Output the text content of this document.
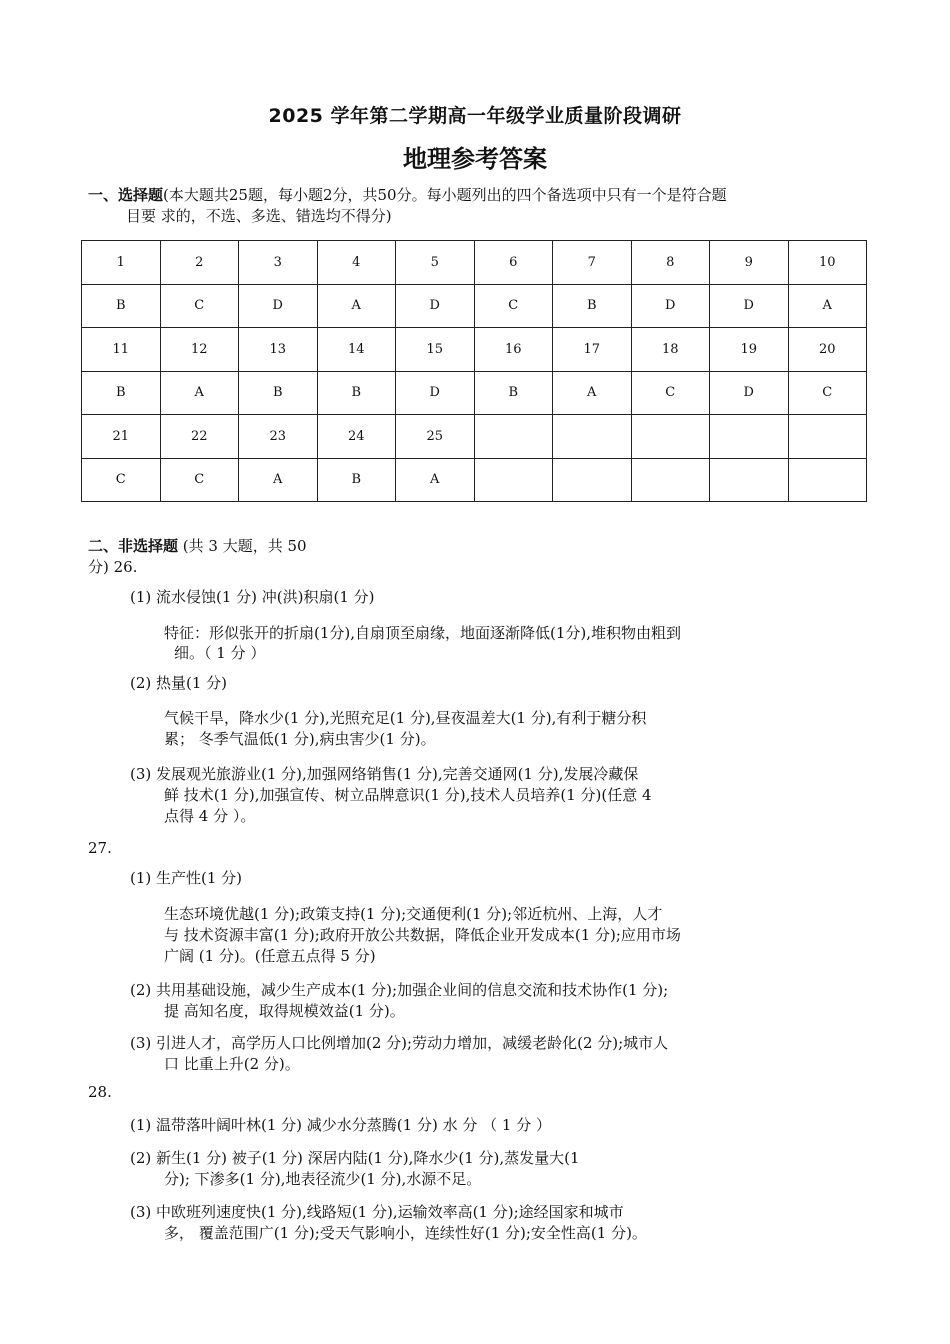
2025 学年第二学期高一年级学业质量阶段调研
地理参考答案
一、选择题(本大题共25题，每小题2分，共50分。每小题列出的四个备选项中只有一个是符合题
目要 求的，不选、多选、错选均不得分)
1	2	3	4	5	6	7	8	9	10
B	C	D	A	D	C	B	D	D	A
11	12	13	14	15	16	17	18	19	20
B	A	B	B	D	B	A	C	D	C
21	22	23	24	25					
C	C	A	B	A					
二、非选择题 (共 3 大题，共 50
分) 26.
(1) 流水侵蚀(1 分) 冲(洪)积扇(1 分)
特征：形似张开的折扇(1分),自扇顶至扇缘，地面逐渐降低(1分),堆积物由粗到
细。（ 1 分 ）
(2) 热量(1 分)
气候干旱，降水少(1 分),光照充足(1 分),昼夜温差大(1 分),有利于糖分积
累； 冬季气温低(1 分),病虫害少(1 分)。
(3) 发展观光旅游业(1 分),加强网络销售(1 分),完善交通网(1 分),发展冷藏保
鲜 技术(1 分),加强宣传、树立品牌意识(1 分),技术人员培养(1 分)(任意 4
点得 4 分 ）。
27.
(1) 生产性(1 分)
生态环境优越(1 分);政策支持(1 分);交通便利(1 分);邻近杭州、上海，人才
与 技术资源丰富(1 分);政府开放公共数据，降低企业开发成本(1 分);应用市场
广阔 (1 分)。(任意五点得 5 分)
(2) 共用基础设施，减少生产成本(1 分);加强企业间的信息交流和技术协作(1 分);
提 高知名度，取得规模效益(1 分)。
(3) 引进人才，高学历人口比例增加(2 分);劳动力增加，减缓老龄化(2 分);城市人
口 比重上升(2 分)。
28.
(1) 温带落叶阔叶林(1 分) 减少水分蒸腾(1 分) 水 分 （ 1 分 ）
(2) 新生(1 分) 被子(1 分) 深居内陆(1 分),降水少(1 分),蒸发量大(1
分); 下渗多(1 分),地表径流少(1 分),水源不足。
(3) 中欧班列速度快(1 分),线路短(1 分),运输效率高(1 分);途经国家和城市
多， 覆盖范围广(1 分);受天气影响小，连续性好(1 分);安全性高(1 分)。
